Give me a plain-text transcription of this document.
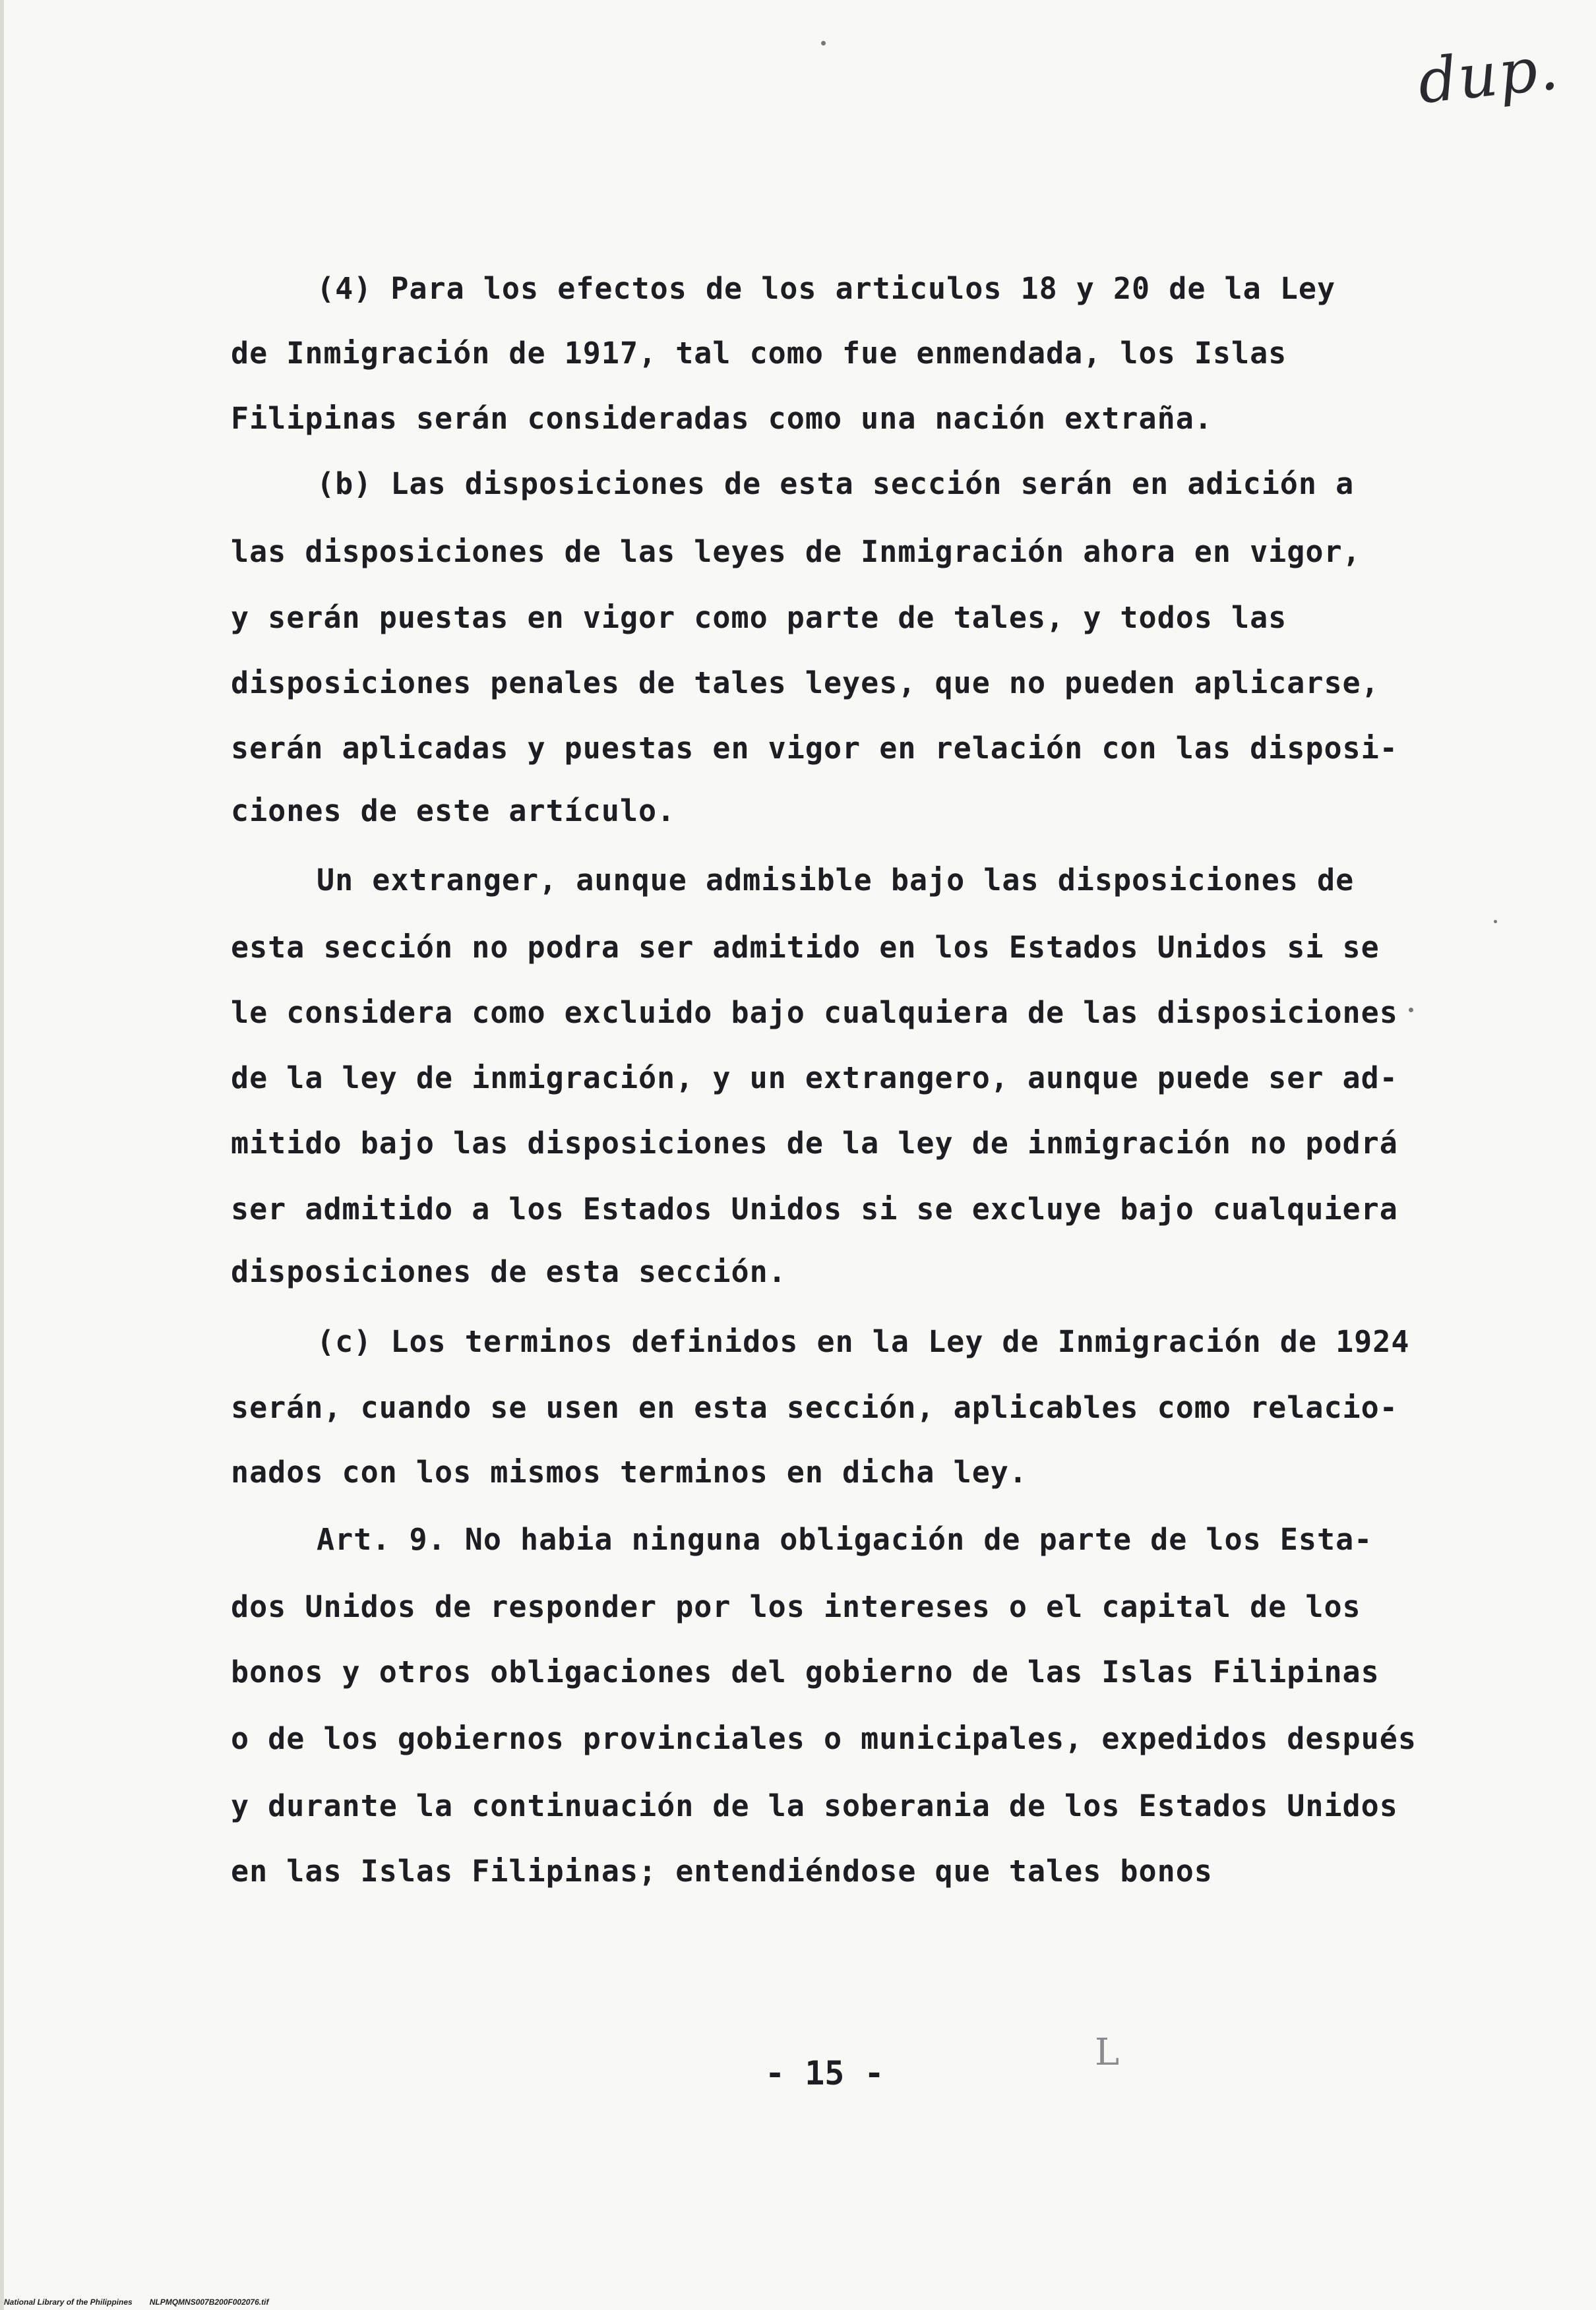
dup.
(4) Para los efectos de los articulos 18 y 20 de la Ley
de Inmigración de 1917, tal como fue enmendada, los Islas
Filipinas serán consideradas como una nación extraña.
(b) Las disposiciones de esta sección serán en adición a
las disposiciones de las leyes de Inmigración ahora en vigor,
y serán puestas en vigor como parte de tales, y todos las
disposiciones penales de tales leyes, que no pueden aplicarse,
serán aplicadas y puestas en vigor en relación con las disposi-
ciones de este artículo.
Un extranger, aunque admisible bajo las disposiciones de
esta sección no podra ser admitido en los Estados Unidos si se
le considera como excluido bajo cualquiera de las disposiciones
de la ley de inmigración, y un extrangero, aunque puede ser ad-
mitido bajo las disposiciones de la ley de inmigración no podrá
ser admitido a los Estados Unidos si se excluye bajo cualquiera
disposiciones de esta sección.
(c) Los terminos definidos en la Ley de Inmigración de 1924
serán, cuando se usen en esta sección, aplicables como relacio-
nados con los mismos terminos en dicha ley.
Art. 9. No habia ninguna obligación de parte de los Esta-
dos Unidos de responder por los intereses o el capital de los
bonos y otros obligaciones del gobierno de las Islas Filipinas
o de los gobiernos provinciales o municipales, expedidos después
y durante la continuación de la soberania de los Estados Unidos
en las Islas Filipinas; entendiéndose que tales bonos
L
- 15 -
National Library of the Philippines NLPMQMNS007B200F002076.tif
